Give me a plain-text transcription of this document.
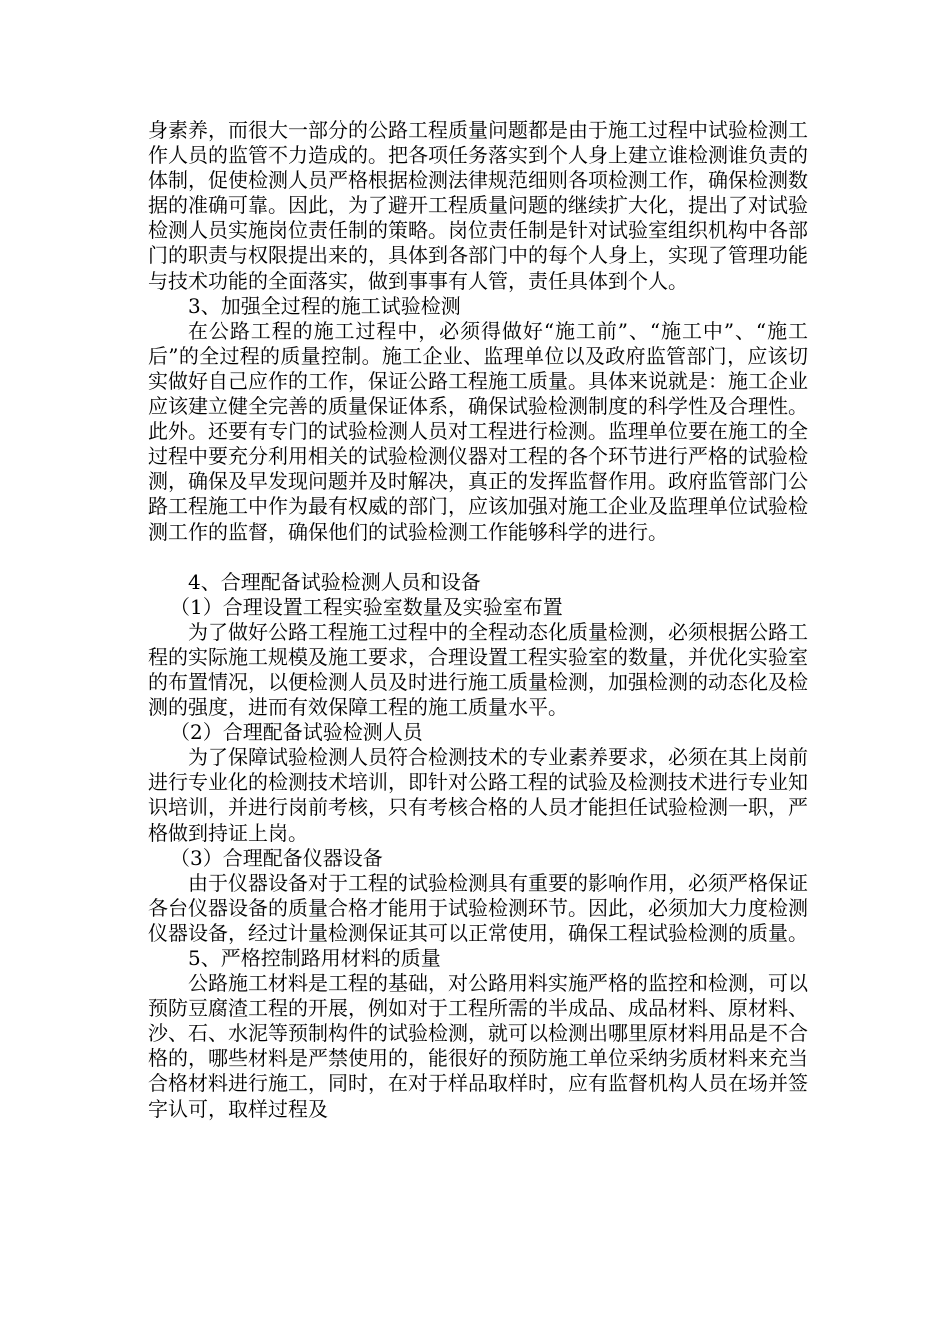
身素养，而很大一部分的公路工程质量问题都是由于施工过程中试验检测工作人员的监管不力造成的。把各项任务落实到个人身上建立谁检测谁负责的体制，促使检测人员严格根据检测法律规范细则各项检测工作，确保检测数据的准确可靠。因此，为了避开工程质量问题的继续扩大化，提出了对试验检测人员实施岗位责任制的策略。岗位责任制是针对试验室组织机构中各部门的职责与权限提出来的，具体到各部门中的每个人身上，实现了管理功能与技术功能的全面落实，做到事事有人管，责任具体到个人。

3、加强全过程的施工试验检测

在公路工程的施工过程中，必须得做好“施工前”、“施工中”、“施工后”的全过程的质量控制。施工企业、监理单位以及政府监管部门，应该切实做好自己应作的工作，保证公路工程施工质量。具体来说就是：施工企业应该建立健全完善的质量保证体系，确保试验检测制度的科学性及合理性。此外。还要有专门的试验检测人员对工程进行检测。监理单位要在施工的全过程中要充分利用相关的试验检测仪器对工程的各个环节进行严格的试验检测，确保及早发现问题并及时解决，真正的发挥监督作用。政府监管部门公路工程施工中作为最有权威的部门，应该加强对施工企业及监理单位试验检测工作的监督，确保他们的试验检测工作能够科学的进行。

4、合理配备试验检测人员和设备

（1）合理设置工程实验室数量及实验室布置

为了做好公路工程施工过程中的全程动态化质量检测，必须根据公路工程的实际施工规模及施工要求，合理设置工程实验室的数量，并优化实验室的布置情况，以便检测人员及时进行施工质量检测，加强检测的动态化及检测的强度，进而有效保障工程的施工质量水平。

（2）合理配备试验检测人员

为了保障试验检测人员符合检测技术的专业素养要求，必须在其上岗前进行专业化的检测技术培训，即针对公路工程的试验及检测技术进行专业知识培训，并进行岗前考核，只有考核合格的人员才能担任试验检测一职，严格做到持证上岗。

（3）合理配备仪器设备

由于仪器设备对于工程的试验检测具有重要的影响作用，必须严格保证各台仪器设备的质量合格才能用于试验检测环节。因此，必须加大力度检测仪器设备，经过计量检测保证其可以正常使用，确保工程试验检测的质量。

5、严格控制路用材料的质量

公路施工材料是工程的基础，对公路用料实施严格的监控和检测，可以预防豆腐渣工程的开展，例如对于工程所需的半成品、成品材料、原材料、沙、石、水泥等预制构件的试验检测，就可以检测出哪里原材料用品是不合格的，哪些材料是严禁使用的，能很好的预防施工单位采纳劣质材料来充当合格材料进行施工，同时，在对于样品取样时，应有监督机构人员在场并签字认可，取样过程及
